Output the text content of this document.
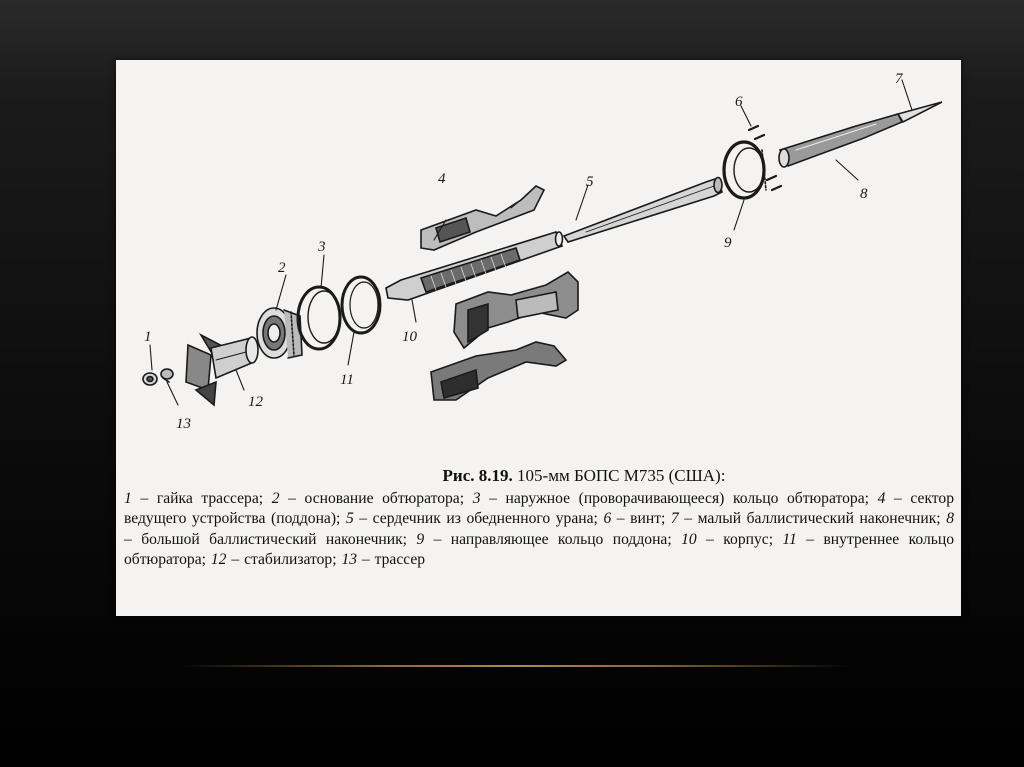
1
2
3
4	5
6
7
8
9
10
11
12
13
Рис. 8.19. 105-мм БОПС M735 (США):
1 – гайка трассера; 2 – основание обтюратора; 3 – наружное (проворачивающееся) кольцо обтюратора; 4 – сектор ведущего устройства (поддона); 5 – сердечник из обедненного урана; 6 – винт; 7 – малый баллистический наконечник; 8 – большой баллистический наконечник; 9 – направляющее кольцо поддона; 10 – корпус; 11 – внутреннее кольцо обтюратора; 12 – стабилизатор; 13 – трассер
